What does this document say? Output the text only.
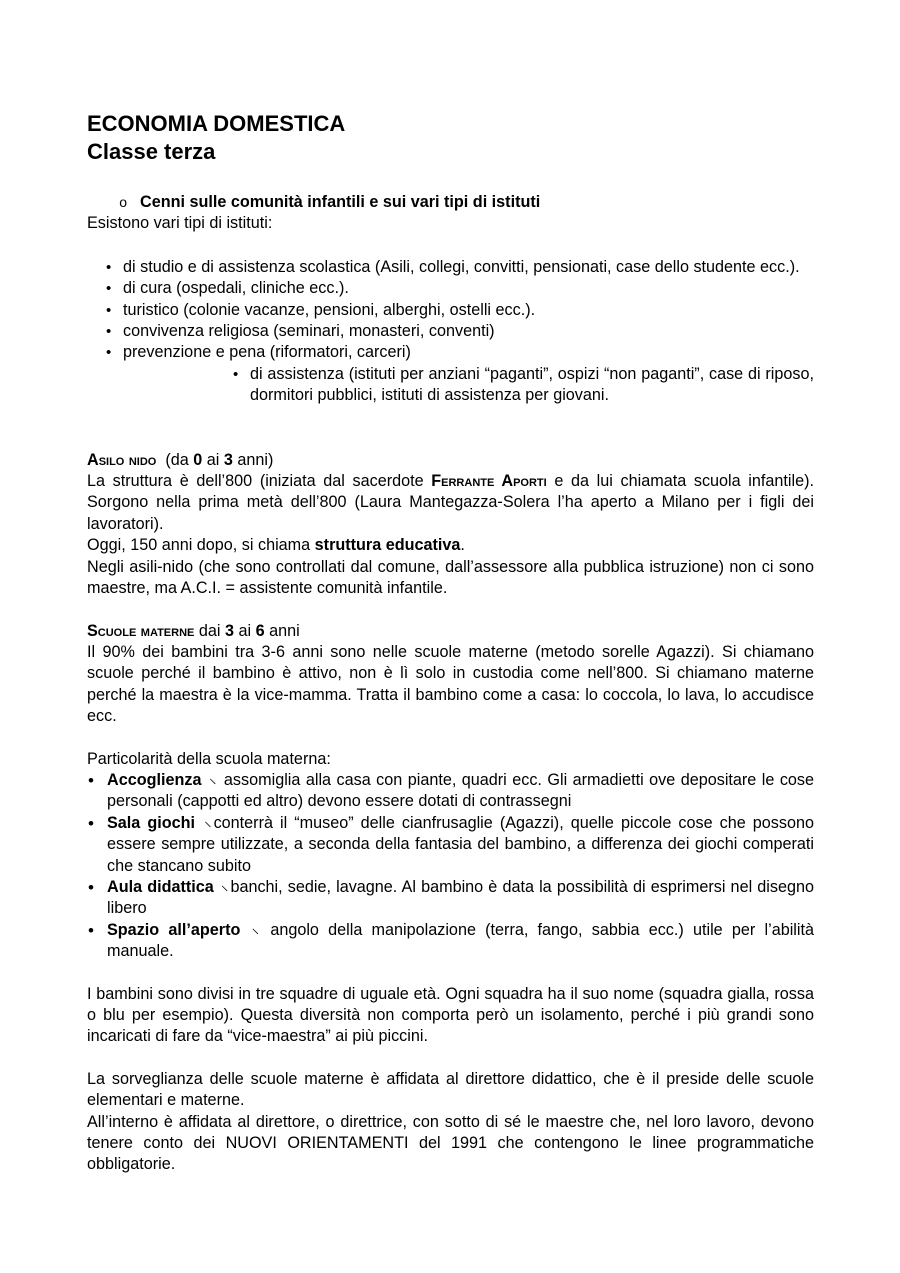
ECONOMIA DOMESTICA
Classe terza
o Cenni sulle comunità infantili e sui vari tipi di istituti

Esistono vari tipi di istituti:

• di studio e di assistenza scolastica (Asili, collegi, convitti, pensionati, case dello studente ecc.).
• di cura (ospedali, cliniche ecc.).
• turistico (colonie vacanze, pensioni, alberghi, ostelli ecc.).
• convivenza religiosa (seminari, monasteri, conventi)
• prevenzione e pena (riformatori, carceri)
• di assistenza (istituti per anziani “paganti”, ospizi “non paganti”, case di riposo, dormitori pubblici, istituti di assistenza per giovani.

Asilo nido (da 0 ai 3 anni)

La struttura è dell’800 (iniziata dal sacerdote Ferrante Aporti e da lui chiamata scuola infantile). Sorgono nella prima metà dell’800 (Laura Mantegazza-Solera l’ha aperto a Milano per i figli dei lavoratori).

Oggi, 150 anni dopo, si chiama struttura educativa.

Negli asili-nido (che sono controllati dal comune, dall’assessore alla pubblica istruzione) non ci sono maestre, ma A.C.I. = assistente comunità infantile.

Scuole materne dai 3 ai 6 anni

Il 90% dei bambini tra 3-6 anni sono nelle scuole materne (metodo sorelle Agazzi). Si chiamano scuole perché il bambino è attivo, non è lì solo in custodia come nell’800. Si chiamano materne perché la maestra è la vice-mamma. Tratta il bambino come a casa: lo coccola, lo lava, lo accudisce ecc.

Particolarità della scuola materna:

• Accoglienza ⸜ assomiglia alla casa con piante, quadri ecc. Gli armadietti ove depositare le cose personali (cappotti ed altro) devono essere dotati di contrassegni
• Sala giochi ⸜ conterrà il “museo” delle cianfrusaglie (Agazzi), quelle piccole cose che possono essere sempre utilizzate, a seconda della fantasia del bambino, a differenza dei giochi comperati che stancano subito
• Aula didattica ⸜ banchi, sedie, lavagne. Al bambino è data la possibilità di esprimersi nel disegno libero
• Spazio all’aperto ⸜ angolo della manipolazione (terra, fango, sabbia ecc.) utile per l’abilità manuale.

I bambini sono divisi in tre squadre di uguale età. Ogni squadra ha il suo nome (squadra gialla, rossa o blu per esempio). Questa diversità non comporta però un isolamento, perché i più grandi sono incaricati di fare da “vice-maestra” ai più piccini.

La sorveglianza delle scuole materne è affidata al direttore didattico, che è il preside delle scuole elementari e materne.

All’interno è affidata al direttore, o direttrice, con sotto di sé le maestre che, nel loro lavoro, devono tenere conto dei NUOVI ORIENTAMENTI del 1991 che contengono le linee programmatiche obbligatorie.
